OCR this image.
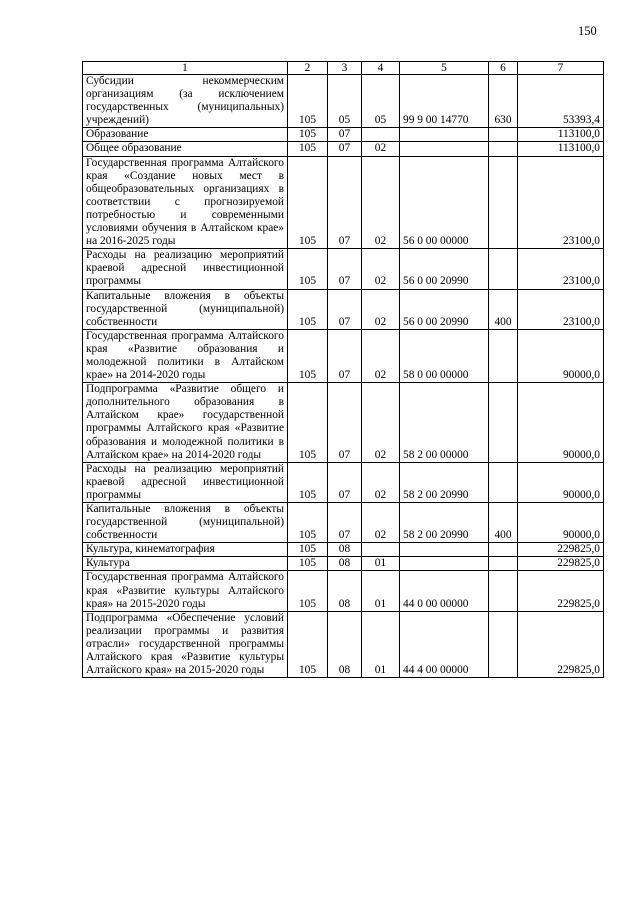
150
1	2	3	4	5	6	7
Субсидии некоммерческим организациям (за исключением государственных (муниципальных) учреждений)	105	05	05	99 9 00 14770	630	53393,4
Образование	105	07				113100,0
Общее образование	105	07	02			113100,0
Государственная программа Алтайского края «Создание новых мест в общеобразовательных организациях в соответствии с прогнозируемой потребностью и современными условиями обучения в Алтайском крае» на 2016-2025 годы	105	07	02	56 0 00 00000		23100,0
Расходы на реализацию мероприятий краевой адресной инвестиционной программы	105	07	02	56 0 00 20990		23100,0
Капитальные вложения в объекты государственной (муниципальной) собственности	105	07	02	56 0 00 20990	400	23100,0
Государственная программа Алтайского края «Развитие образования и молодежной политики в Алтайском крае» на 2014-2020 годы	105	07	02	58 0 00 00000		90000,0
Подпрограмма «Развитие общего и дополнительного образования в Алтайском крае» государственной программы Алтайского края «Развитие образования и молодежной политики в Алтайском крае» на 2014-2020 годы	105	07	02	58 2 00 00000		90000,0
Расходы на реализацию мероприятий краевой адресной инвестиционной программы	105	07	02	58 2 00 20990		90000,0
Капитальные вложения в объекты государственной (муниципальной) собственности	105	07	02	58 2 00 20990	400	90000,0
Культура, кинематография	105	08				229825,0
Культура	105	08	01			229825,0
Государственная программа Алтайского края «Развитие культуры Алтайского края» на 2015-2020 годы	105	08	01	44 0 00 00000		229825,0
Подпрограмма «Обеспечение условий реализации программы и развития отрасли» государственной программы Алтайского края «Развитие культуры Алтайского края» на 2015-2020 годы	105	08	01	44 4 00 00000		229825,0
